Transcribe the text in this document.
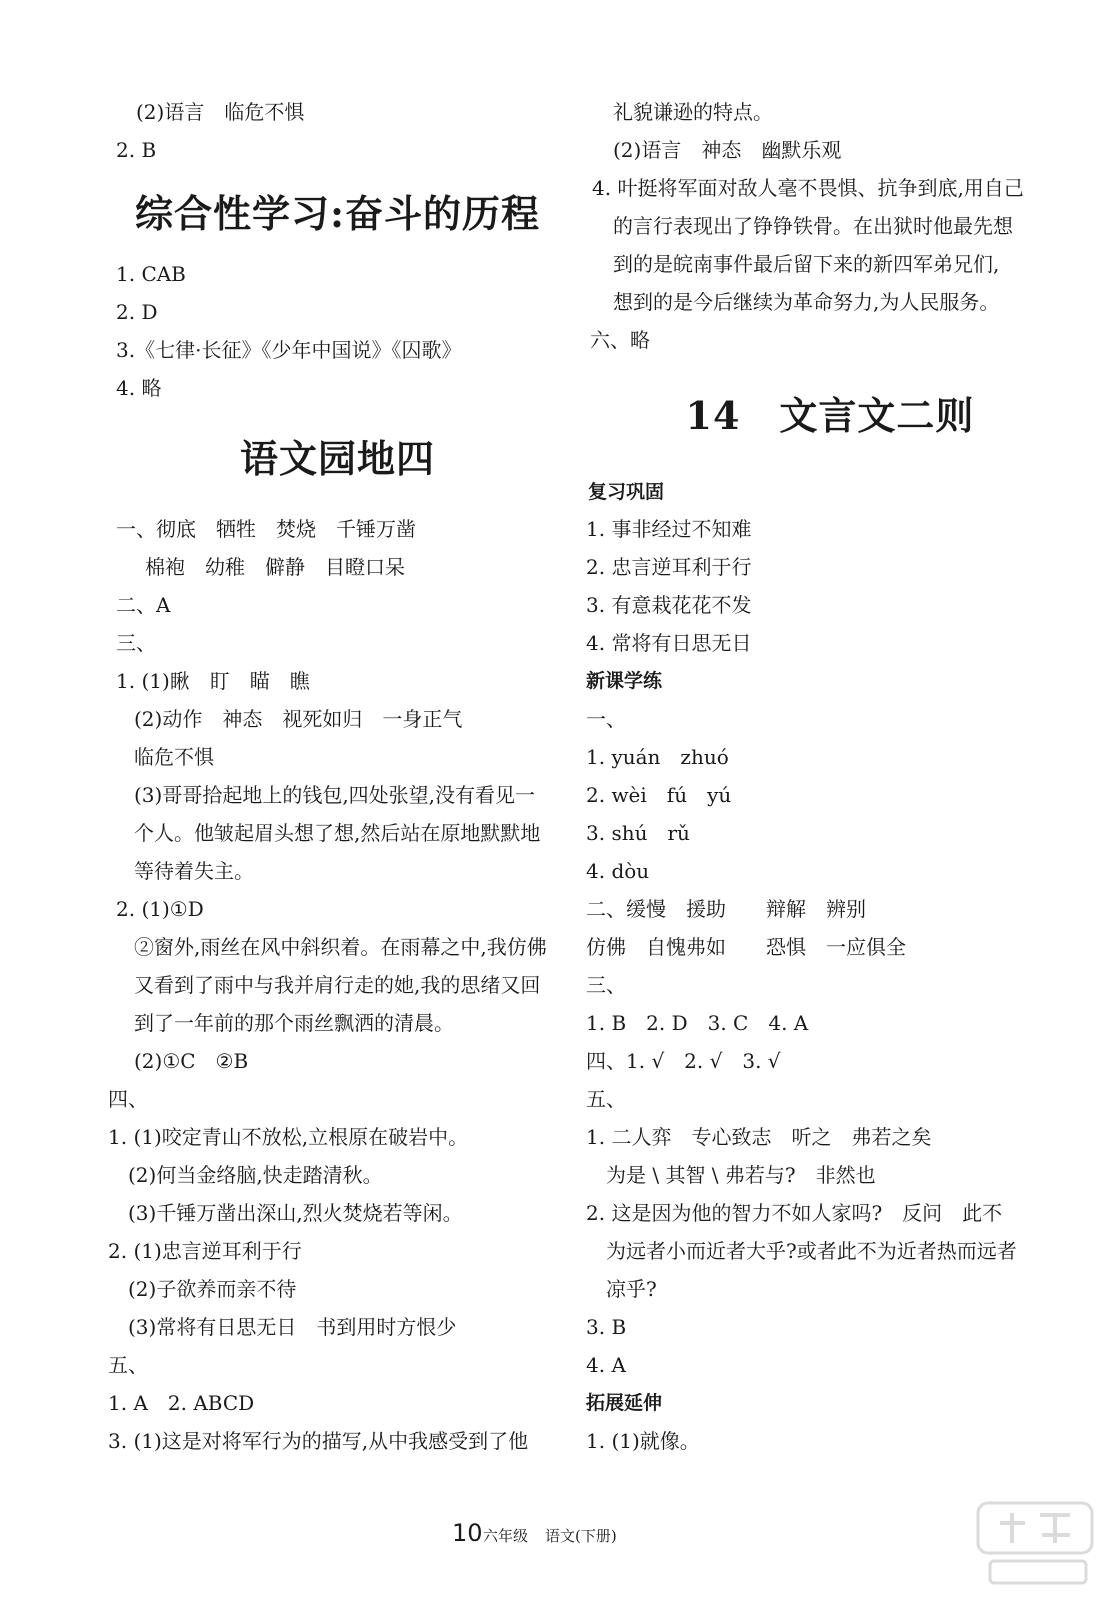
(2)语言　临危不惧
2. B
综合性学习:奋斗的历程
1. CAB
2. D
3.《七律·长征》《少年中国说》《囚歌》
4. 略
语文园地四
一、彻底　牺牲　焚烧　千锤万凿
棉袍　幼稚　僻静　目瞪口呆
二、A
三、
1. (1)瞅　盯　瞄　瞧
(2)动作　神态　视死如归　一身正气
临危不惧
(3)哥哥拾起地上的钱包,四处张望,没有看见一
个人。他皱起眉头想了想,然后站在原地默默地
等待着失主。
2. (1)①D
②窗外,雨丝在风中斜织着。在雨幕之中,我仿佛
又看到了雨中与我并肩行走的她,我的思绪又回
到了一年前的那个雨丝飘洒的清晨。
(2)①C　②B
四、
1. (1)咬定青山不放松,立根原在破岩中。
(2)何当金络脑,快走踏清秋。
(3)千锤万凿出深山,烈火焚烧若等闲。
2. (1)忠言逆耳利于行
(2)子欲养而亲不待
(3)常将有日思无日　书到用时方恨少
五、
1. A　2. ABCD
3. (1)这是对将军行为的描写,从中我感受到了他
礼貌谦逊的特点。
(2)语言　神态　幽默乐观
4. 叶挺将军面对敌人毫不畏惧、抗争到底,用自己
的言行表现出了铮铮铁骨。在出狱时他最先想
到的是皖南事件最后留下来的新四军弟兄们,
想到的是今后继续为革命努力,为人民服务。
六、略
14　文言文二则
复习巩固
1. 事非经过不知难
2. 忠言逆耳利于行
3. 有意栽花花不发
4. 常将有日思无日
新课学练
一、
1. yuán　zhuó
2. wèi　fú　yú
3. shú　rǔ
4. dòu
二、缓慢　援助　　辩解　辨别
仿佛　自愧弗如　　恐惧　一应俱全
三、
1. B　2. D　3. C　4. A
四、1. √　2. √　3. √
五、
1. 二人弈　专心致志　听之　弗若之矣
为是 \ 其智 \ 弗若与?　非然也
2. 这是因为他的智力不如人家吗?　反问　此不
为远者小而近者大乎?或者此不为近者热而远者
凉乎?
3. B
4. A
拓展延伸
1. (1)就像。
10 六年级 语文(下册)
